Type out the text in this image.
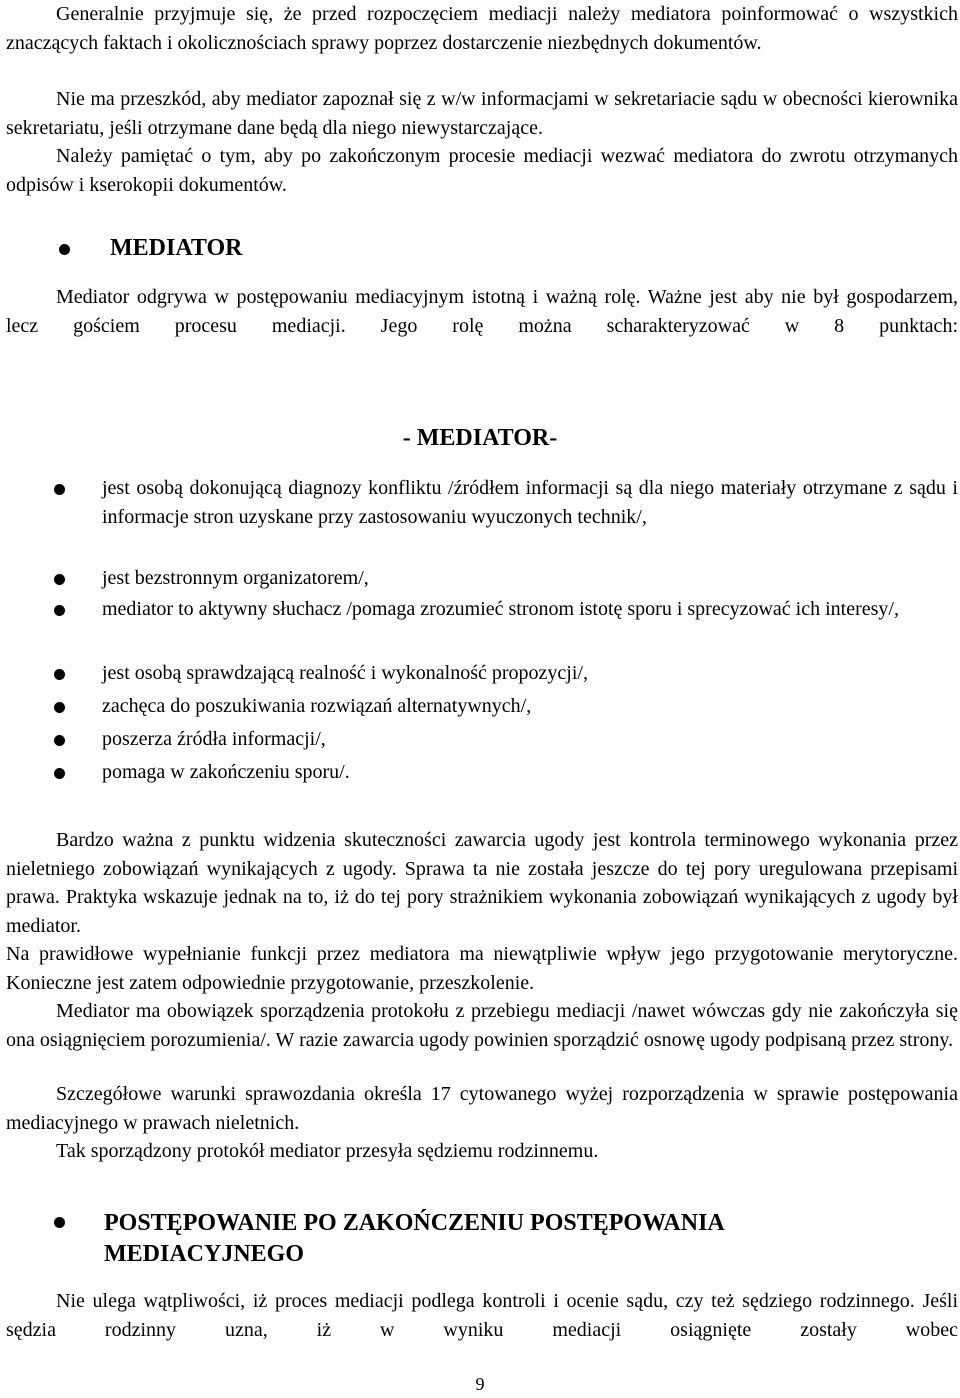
Generalnie przyjmuje się, że przed rozpoczęciem mediacji należy mediatora poinformować o wszystkich znaczących faktach i okolicznościach sprawy poprzez dostarczenie niezbędnych dokumentów.

Nie ma przeszkód, aby mediator zapoznał się z w/w informacjami w sekretariacie sądu w obecności kierownika sekretariatu, jeśli otrzymane dane będą dla niego niewystarczające.

Należy pamiętać o tym, aby po zakończonym procesie mediacji wezwać mediatora do zwrotu otrzymanych odpisów i kserokopii dokumentów.

MEDIATOR

Mediator odgrywa w postępowaniu mediacyjnym istotną i ważną rolę. Ważne jest aby nie był gospodarzem, lecz gościem procesu mediacji. Jego rolę można scharakteryzować w 8 punktach:

- MEDIATOR-

jest osobą dokonującą diagnozy konfliktu /źródłem informacji są dla niego materiały otrzymane z sądu i informacje stron uzyskane przy zastosowaniu wyuczonych technik/,

jest bezstronnym organizatorem/,

mediator to aktywny słuchacz /pomaga zrozumieć stronom istotę sporu i sprecyzować ich interesy/,

jest osobą sprawdzającą realność i wykonalność propozycji/,

zachęca do poszukiwania rozwiązań alternatywnych/,

poszerza źródła informacji/,

pomaga w zakończeniu sporu/.

Bardzo ważna z punktu widzenia skuteczności zawarcia ugody jest kontrola terminowego wykonania przez nieletniego zobowiązań wynikających z ugody. Sprawa ta nie została jeszcze do tej pory uregulowana przepisami prawa. Praktyka wskazuje jednak na to, iż do tej pory strażnikiem wykonania zobowiązań wynikających z ugody był mediator.

Na prawidłowe wypełnianie funkcji przez mediatora ma niewątpliwie wpływ jego przygotowanie merytoryczne. Konieczne jest zatem odpowiednie przygotowanie, przeszkolenie.

Mediator ma obowiązek sporządzenia protokołu z przebiegu mediacji /nawet wówczas gdy nie zakończyła się ona osiągnięciem porozumienia/. W razie zawarcia ugody powinien sporządzić osnowę ugody podpisaną przez strony.

Szczegółowe warunki sprawozdania określa 17 cytowanego wyżej rozporządzenia w sprawie postępowania mediacyjnego w prawach nieletnich.

Tak sporządzony protokół mediator przesyła sędziemu rodzinnemu.

POSTĘPOWANIE PO ZAKOŃCZENIU POSTĘPOWANIA
MEDIACYJNEGO

Nie ulega wątpliwości, iż proces mediacji podlega kontroli i ocenie sądu, czy też sędziego rodzinnego. Jeśli sędzia rodzinny uzna, iż w wyniku mediacji osiągnięte zostały wobec

9
